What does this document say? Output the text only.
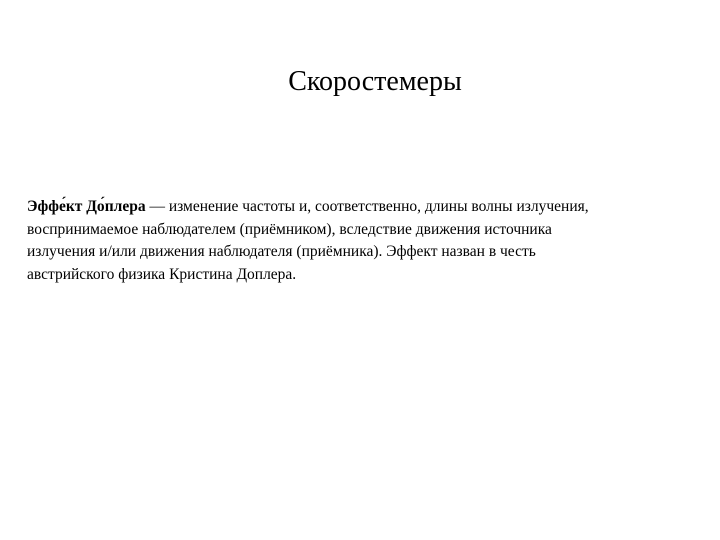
Скоростемеры
Эффект Доплера — изменение частоты и, соответственно, длины волны излучения,
воспринимаемое наблюдателем (приёмником), вследствие движения источника
излучения и/или движения наблюдателя (приёмника). Эффект назван в честь
австрийского физика Кристина Доплера.
